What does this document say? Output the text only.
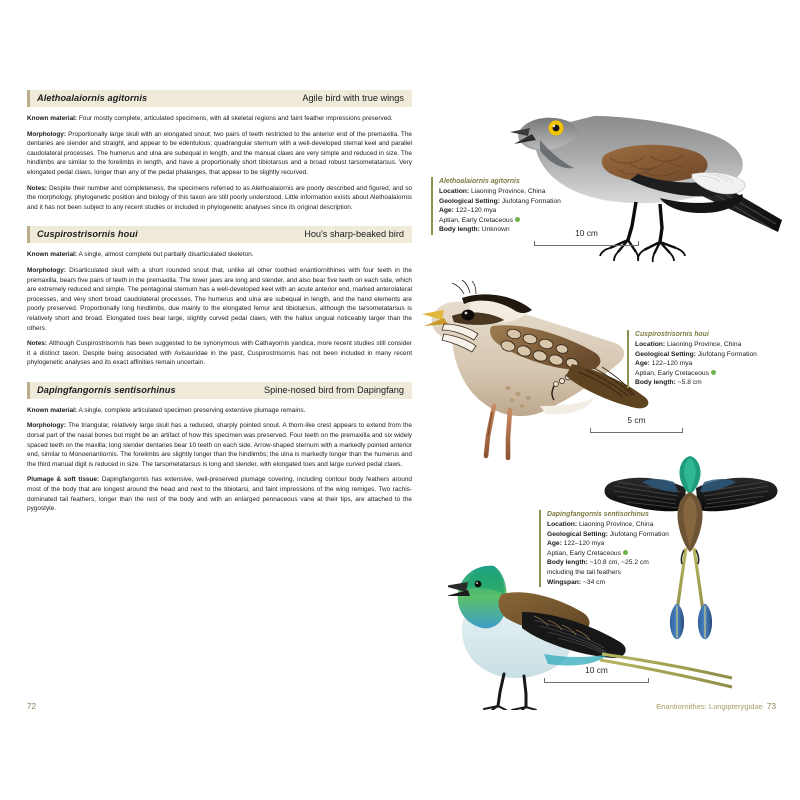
Alethoalaiornis agitornis	Agile bird with true wings

Known material: Four mostly complete, articulated specimens, with all skeletal regions and faint feather impressions preserved.

Morphology: Proportionally large skull with an elongated snout; two pairs of teeth restricted to the anterior end of the premaxilla. The dentaries are slender and straight, and appear to be edentulous; quadrangular sternum with a well-developed sternal keel and parallel caudolateral processes. The humerus and ulna are subequal in length, and the manual claws are very simple and reduced in size. The hindlimbs are similar to the forelimbs in length, and have a proportionally short tibiotarsus and a broad robust tarsometatarsus. Very elongated pedal claws, longer than any of the pedal phalanges, that appear to be slightly recurved.

Notes: Despite their number and completeness, the specimens referred to as Alethoalaiornis are poorly described and figured, and so the morphology, phylogenetic position and biology of this taxon are still poorly understood. Little information exists about Alethoalaiornis and it has not been subject to any recent studies or included in phylogenetic analyses since its original description.

Cuspirostrisornis houi	Hou's sharp-beaked bird

Known material: A single, almost complete but partially disarticulated skeleton.

Morphology: Disarticulated skull with a short rounded snout that, unlike all other toothed enantiornithines with four teeth in the premaxilla, bears five pairs of teeth in the premaxilla. The lower jaws are long and slender, and also bear five teeth on each side, which are extremely reduced and simple. The pentagonal sternum has a well-developed keel with an acute anterior end, marked anterolateral processes, and very short broad caudolateral processes. The humerus and ulna are subequal in length, and the hand elements are poorly preserved. Proportionally long hindlimbs, due mainly to the elongated femur and tibiotarsus, although the tarsometatarsus is relatively short and broad. Elongated toes bear large, slightly curved pedal claws, with the hallux ungual noticeably larger than the others.

Notes: Although Cuspirostrisornis has been suggested to be synonymous with Cathayornis yandica, more recent studies still consider it a distinct taxon. Despite being associated with Avisauridae in the past, Cuspirostrisornis has not been included in many recent phylogenetic analyses and its exact affinities remain uncertain.

Dapingfangornis sentisorhinus	Spine-nosed bird from Dapingfang

Known material: A single, complete articulated specimen preserving extensive plumage remains.

Morphology: The triangular, relatively large skull has a reduced, sharply pointed snout. A thorn-like crest appears to extend from the dorsal part of the nasal bones but might be an artifact of how this specimen was preserved. Four teeth on the premaxilla and six widely spaced teeth on the maxilla; long slender dentaries bear 10 teeth on each side. Arrow-shaped sternum with a markedly pointed anterior end, similar to Monoenantiornis. The forelimbs are slightly longer than the hindlimbs; the ulna is markedly longer than the humerus and the third manual digit is reduced in size. The tarsometatarsus is long and slender, with elongated toes and large curved pedal claws.

Plumage & soft tissue: Dapingfangornis has extensive, well-preserved plumage covering, including contour body feathers around most of the body that are longest around the head and next to the tibiotarsi, and faint impressions of the wing remiges. Two rachis-dominated tail feathers, longer than the rest of the body and with an enlarged pennaceous vane at their tips, are attached to the pygostyle.

Alethoalaiornis agitornis
Location: Liaoning Province, China
Geological Setting: Jiufotang Formation
Age: 122–120 mya
Aptian, Early Cretaceous
Body length: Unknown	10 cm
Cuspirostrisornis houi
Location: Liaoning Province, China
Geological Setting: Jiufotang Formation
Age: 122–120 mya
Aptian, Early Cretaceous
Body length: ~5.8 cm
5 cm
Dapingfangornis sentisorhinus
Location: Liaoning Province, China
Geological Setting: Jiufotang Formation
Age: 122–120 mya
Aptian, Early Cretaceous
Body length: ~10.8 cm, ~25.2 cm
including the tail feathers
Wingspan: ~34 cm
10 cm
72	Enantiornithes: Longipterygidae 73
